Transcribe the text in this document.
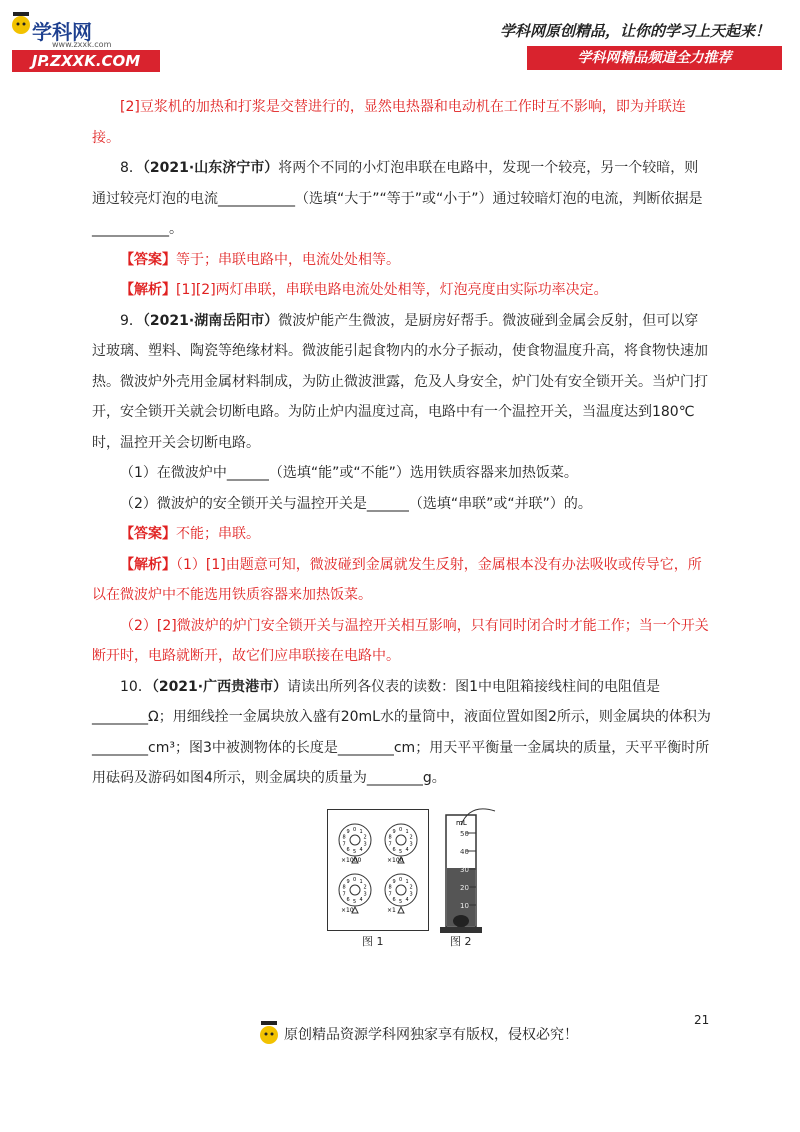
学科网
www.zxxk.com
JP.ZXXK.COM
学科网原创精品，让你的学习上天起来！
学科网精品频道全力推荐

[2]豆浆机的加热和打浆是交替进行的，显然电热器和电动机在工作时互不影响，即为并联连接。

8．（2021·山东济宁市）将两个不同的小灯泡串联在电路中，发现一个较亮，另一个较暗，则通过较亮灯泡的电流___________（选填“大于”“等于”或“小于”）通过较暗灯泡的电流，判断依据是___________。

【答案】等于；串联电路中，电流处处相等。

【解析】[1][2]两灯串联，串联电路电流处处相等，灯泡亮度由实际功率决定。

9．（2021·湖南岳阳市）微波炉能产生微波，是厨房好帮手。微波碰到金属会反射，但可以穿过玻璃、塑料、陶瓷等绝缘材料。微波能引起食物内的水分子振动，使食物温度升高，将食物快速加热。微波炉外壳用金属材料制成，为防止微波泄露，危及人身安全，炉门处有安全锁开关。当炉门打开，安全锁开关就会切断电路。为防止炉内温度过高，电路中有一个温控开关，当温度达到180℃时，温控开关会切断电路。

（1）在微波炉中______（选填“能”或“不能”）选用铁质容器来加热饭菜。

（2）微波炉的安全锁开关与温控开关是______（选填“串联”或“并联”）的。

【答案】不能；串联。

【解析】（1）[1]由题意可知，微波碰到金属就发生反射，金属根本没有办法吸收或传导它，所以在微波炉中不能选用铁质容器来加热饭菜。

（2）[2]微波炉的炉门安全锁开关与温控开关相互影响，只有同时闭合时才能工作；当一个开关断开时，电路就断开，故它们应串联接在电路中。

10．（2021·广西贵港市）请读出所列各仪表的读数：图1中电阻箱接线柱间的电阻值是________Ω；用细线拴一金属块放入盛有20mL水的量筒中，液面位置如图2所示，则金属块的体积为________cm³；图3中被测物体的长度是________cm；用天平平衡量一金属块的质量，天平平衡时所用砝码及游码如图4所示，则金属块的质量为________g。

0 1
2
3
4
5
6
7
8
9
×1000
0 1
2
3
4
5
6
7
8
9
×100
0 1
2
3
4
5
6
7
8
9
×10
0 1
2
3
4
5
6
7
8
9
×1
mL
50
40
30
20
10
图 1	图 2
原创精品资源学科网独家享有版权，侵权必究！
21
